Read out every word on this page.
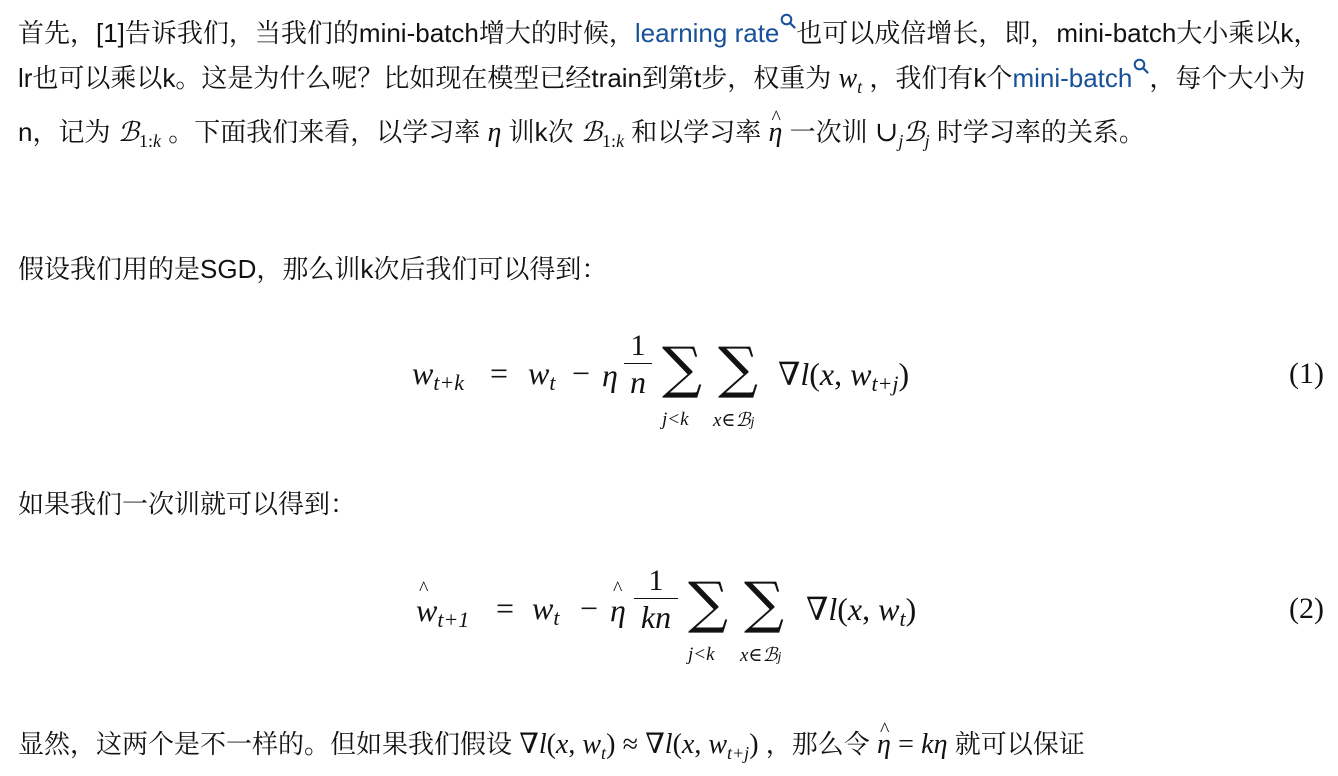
首先，[1]告诉我们，当我们的mini-batch增大的时候，learning rate 也可以成倍增长，即，mini-batch大小乘以k，lr也可以乘以k。这是为什么呢？比如现在模型已经train到第t步，权重为 $w_t$ ，我们有k个mini-batch ，每个大小为n，记为 ℬ$_{1:k}$ 。下面我们来看，以学习率 η 训k次 ℬ$_{1:k}$ 和以学习率 ^ η 一次训 $\cup_jℬ_j$ 时学习率的关系。

假设我们用的是SGD，那么训k次后我们可以得到：

$w_{t+k} = w_t - \eta$
1
n ∑
j<k
∑
x∈ℬj
∇l(x, $w_{t+j}$)	(1)

如果我们一次训就可以得到：

^ $w_{t+1} = w_t$ − ^ η
1
kn ∑
j<k
∑
x∈ℬj
∇l(x, $w_t$)	(2)

显然，这两个是不一样的。但如果我们假设 ∇l(x, $w_t) \approx \nabla l(x$, $w_{t+j}$) ，那么令 ^ η = kη 就可以保证
